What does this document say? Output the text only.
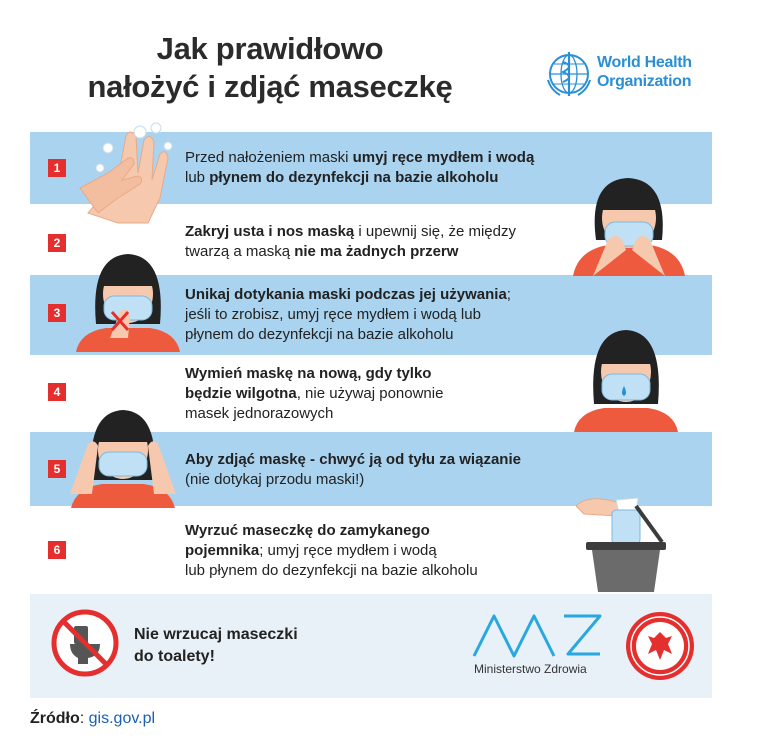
Jak prawidłowo
nałożyć i zdjąć maseczkę
World Health
Organization
1
2
3
4
5
6
Przed nałożeniem maski umyj ręce mydłem i wodą
lub płynem do dezynfekcji na bazie alkoholu
Zakryj usta i nos maską i upewnij się, że między
twarzą a maską nie ma żadnych przerw
Unikaj dotykania maski podczas jej używania;
jeśli to zrobisz, umyj ręce mydłem i wodą lub
płynem do dezynfekcji na bazie alkoholu
Wymień maskę na nową, gdy tylko
będzie wilgotna, nie używaj ponownie
masek jednorazowych
Aby zdjąć maskę - chwyć ją od tyłu za wiązanie
(nie dotykaj przodu maski!)
Wyrzuć maseczkę do zamykanego
pojemnika; umyj ręce mydłem i wodą
lub płynem do dezynfekcji na bazie alkoholu
Nie wrzucaj maseczki
do toalety!
Ministerstwo Zdrowia
Źródło: gis.gov.pl
